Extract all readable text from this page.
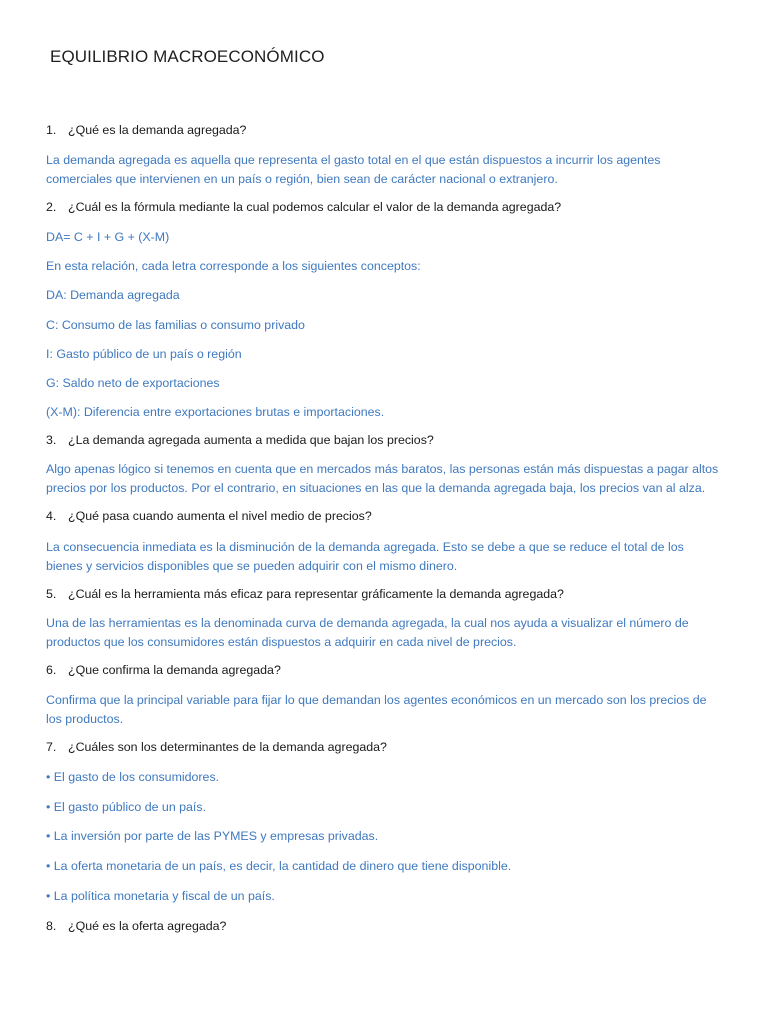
EQUILIBRIO MACROECONÓMICO
1. ¿Qué es la demanda agregada?
La demanda agregada es aquella que representa el gasto total en el que están dispuestos a incurrir los agentes
comerciales que intervienen en un país o región, bien sean de carácter nacional o extranjero.
2. ¿Cuál es la fórmula mediante la cual podemos calcular el valor de la demanda agregada?
DA= C + I + G + (X-M)
En esta relación, cada letra corresponde a los siguientes conceptos:
DA: Demanda agregada
C: Consumo de las familias o consumo privado
I: Gasto público de un país o región
G: Saldo neto de exportaciones
(X-M): Diferencia entre exportaciones brutas e importaciones.
3. ¿La demanda agregada aumenta a medida que bajan los precios?
Algo apenas lógico si tenemos en cuenta que en mercados más baratos, las personas están más dispuestas a pagar altos
precios por los productos. Por el contrario, en situaciones en las que la demanda agregada baja, los precios van al alza.
4. ¿Qué pasa cuando aumenta el nivel medio de precios?
La consecuencia inmediata es la disminución de la demanda agregada. Esto se debe a que se reduce el total de los
bienes y servicios disponibles que se pueden adquirir con el mismo dinero.
5. ¿Cuál es la herramienta más eficaz para representar gráficamente la demanda agregada?
Una de las herramientas es la denominada curva de demanda agregada, la cual nos ayuda a visualizar el número de
productos que los consumidores están dispuestos a adquirir en cada nivel de precios.
6. ¿Que confirma la demanda agregada?
Confirma que la principal variable para fijar lo que demandan los agentes económicos en un mercado son los precios de
los productos.
7. ¿Cuáles son los determinantes de la demanda agregada?
• El gasto de los consumidores.
• El gasto público de un país.
• La inversión por parte de las PYMES y empresas privadas.
• La oferta monetaria de un país, es decir, la cantidad de dinero que tiene disponible.
• La política monetaria y fiscal de un país.
8. ¿Qué es la oferta agregada?
